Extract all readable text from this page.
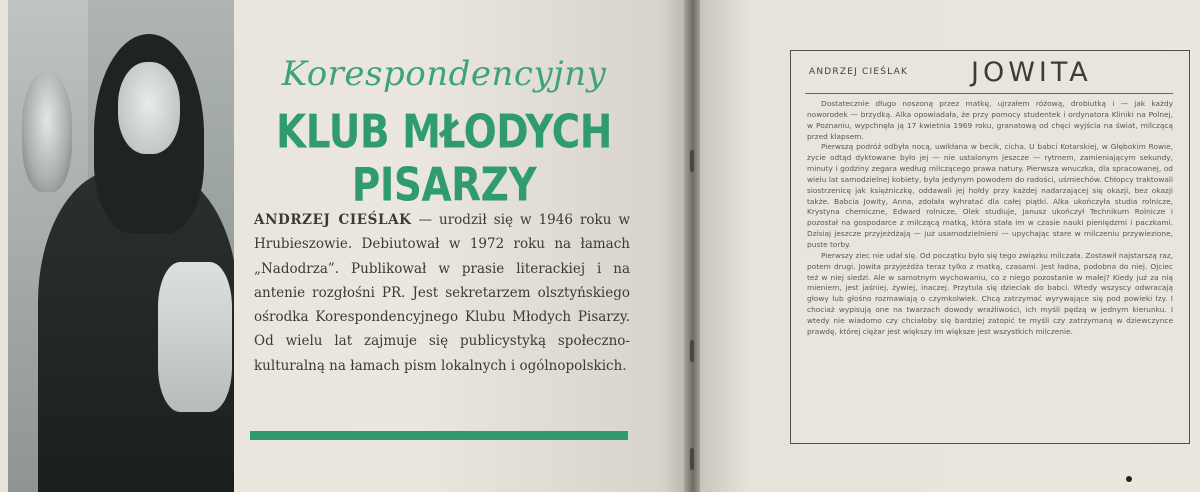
Korespondencyjny
KLUB MŁODYCH PISARZY
ANDRZEJ CIEŚLAK — urodził się w 1946 roku w Hrubieszowie. Debiutował w 1972 roku na łamach „Nadodrza”. Publikował w prasie literackiej i na antenie rozgłośni PR. Jest sekretarzem olsztyńskiego ośrodka Korespondencyjnego Klubu Młodych Pisarzy. Od wielu lat zajmuje się publicystyką społeczno-kulturalną na łamach pism lokalnych i ogólnopolskich.
ANDRZEJ CIEŚLAK JOWITA

Dostatecznie długo noszoną przez matkę, ujrzałem różową, drobiutką i — jak każdy noworodek — brzydką. Alka opowiadała, że przy pomocy studentek i ordynatora Kliniki na Polnej, w Poznaniu, wypchnęła ją 17 kwietnia 1969 roku, granatową od chęci wyjścia na świat, milczącą przed klapsem.

Pierwszą podróż odbyła nocą, uwikłana w becik, cicha. U babci Kotarskiej, w Głębokim Rowie, życie odtąd dyktowane było jej — nie ustalonym jeszcze — rytmem, zamieniającym sekundy, minuty i godziny zegara według milczącego prawa natury. Pierwsza wnuczka, dla spracowanej, od wielu lat samodzielnej kobiety, była jedynym powodem do radości, uśmiechów. Chłopcy traktowali siostrzenicę jak księżniczkę, oddawali jej hołdy przy każdej nadarzającej się okazji, bez okazji także. Babcia Jowity, Anna, zdołała wyhratać dla całej piątki. Alka ukończyła studia rolnicze, Krystyna chemiczne, Edward rolnicze, Olek studiuje, Janusz ukończył Technikum Rolnicze i pozostał na gospodarce z milczącą matką, która stała im w czasie nauki pieniędzmi i paczkami. Dzisiaj jeszcze przyjeżdżają — już usamodzielnieni — upychając stare w milczeniu przywiezione, puste torby.

Pierwszy ziec nie udał się. Od początku było się tego związku milczała. Zostawił najstarszą raz, potem drugi. Jowita przyjeżdża teraz tylko z matką, czasami. Jest ładna, podobna do niej. Ojciec też w niej siedzi. Ale w samotnym wychowaniu, co z niego pozostanie w małej? Kiedy już za nią mieniem, jest jaśniej, żywiej, inaczej. Przytula się dzieciak do babci. Wtedy wszyscy odwracają głowy lub głośno rozmawiają o czymkolwiek. Chcą zatrzymać wyrywające się pod powieki łzy. I chociaż wypisują one na twarzach dowody wrażliwości, ich myśli pędzą w jednym kierunku. I wtedy nie wiadomo czy chciałoby się bardziej zatopić te myśli czy zatrzymaną w dziewczynce prawdę, której ciężar jest większy im większe jest wszystkich milczenie.
